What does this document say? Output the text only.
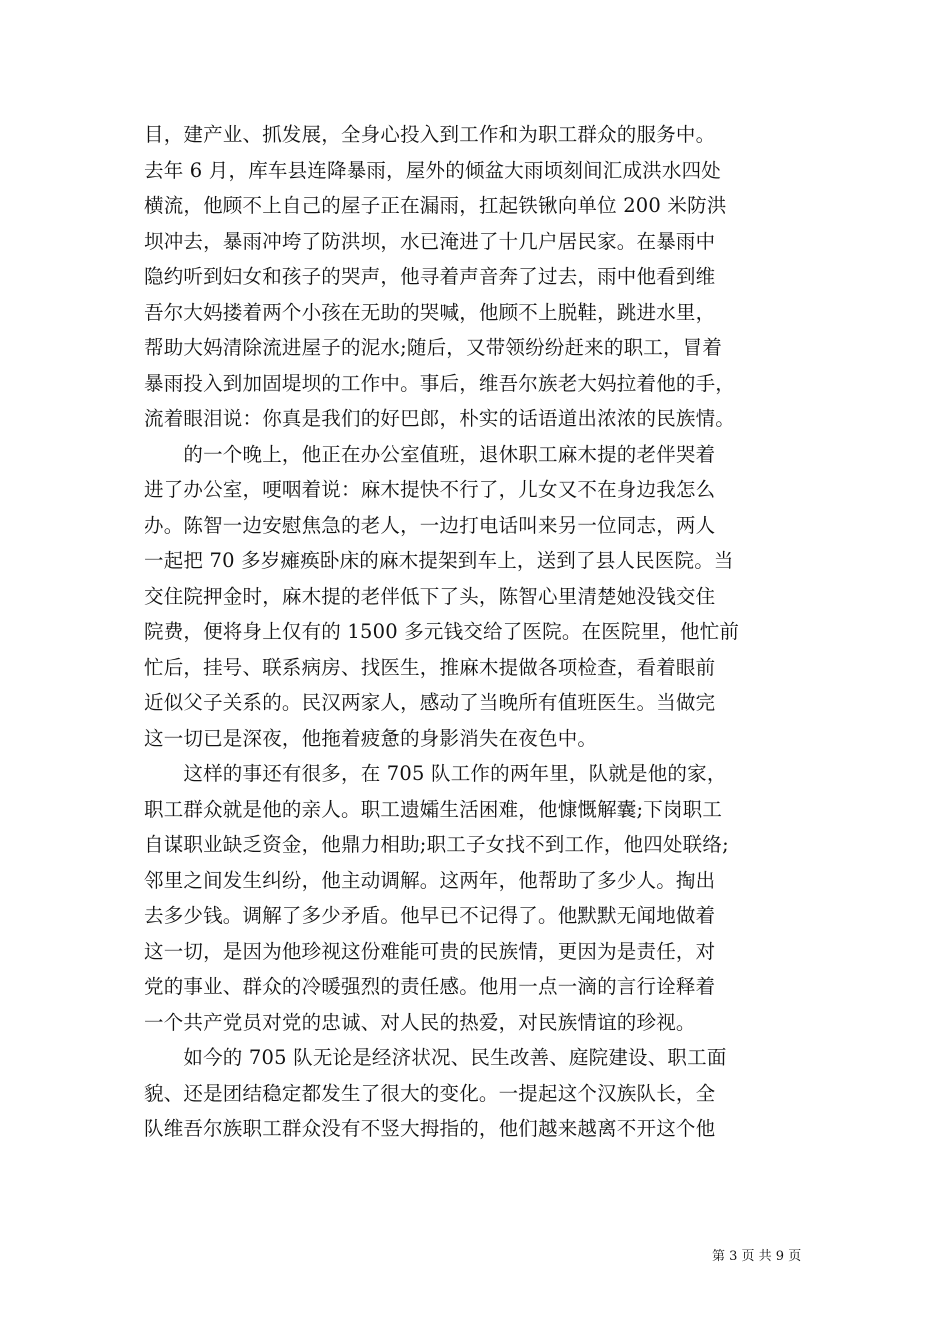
目，建产业、抓发展，全身心投入到工作和为职工群众的服务中。
去年 6 月，库车县连降暴雨，屋外的倾盆大雨顷刻间汇成洪水四处
横流，他顾不上自己的屋子正在漏雨，扛起铁锹向单位 200 米防洪
坝冲去，暴雨冲垮了防洪坝，水已淹进了十几户居民家。在暴雨中
隐约听到妇女和孩子的哭声，他寻着声音奔了过去，雨中他看到维
吾尔大妈搂着两个小孩在无助的哭喊，他顾不上脱鞋，跳进水里，
帮助大妈清除流进屋子的泥水;随后，又带领纷纷赶来的职工，冒着
暴雨投入到加固堤坝的工作中。事后，维吾尔族老大妈拉着他的手，
流着眼泪说：你真是我们的好巴郎，朴实的话语道出浓浓的民族情。
　　的一个晚上，他正在办公室值班，退休职工麻木提的老伴哭着
进了办公室，哽咽着说：麻木提快不行了，儿女又不在身边我怎么
办。陈智一边安慰焦急的老人，一边打电话叫来另一位同志，两人
一起把 70 多岁瘫痪卧床的麻木提架到车上，送到了县人民医院。当
交住院押金时，麻木提的老伴低下了头，陈智心里清楚她没钱交住
院费，便将身上仅有的 1500 多元钱交给了医院。在医院里，他忙前
忙后，挂号、联系病房、找医生，推麻木提做各项检查，看着眼前
近似父子关系的。民汉两家人，感动了当晚所有值班医生。当做完
这一切已是深夜，他拖着疲惫的身影消失在夜色中。
　　这样的事还有很多，在 705 队工作的两年里，队就是他的家，
职工群众就是他的亲人。职工遗孀生活困难，他慷慨解囊;下岗职工
自谋职业缺乏资金，他鼎力相助;职工子女找不到工作，他四处联络;
邻里之间发生纠纷，他主动调解。这两年，他帮助了多少人。掏出
去多少钱。调解了多少矛盾。他早已不记得了。他默默无闻地做着
这一切，是因为他珍视这份难能可贵的民族情，更因为是责任，对
党的事业、群众的冷暖强烈的责任感。他用一点一滴的言行诠释着
一个共产党员对党的忠诚、对人民的热爱，对民族情谊的珍视。
　　如今的 705 队无论是经济状况、民生改善、庭院建设、职工面
貌、还是团结稳定都发生了很大的变化。一提起这个汉族队长，全
队维吾尔族职工群众没有不竖大拇指的，他们越来越离不开这个他
第 3 页 共 9 页
